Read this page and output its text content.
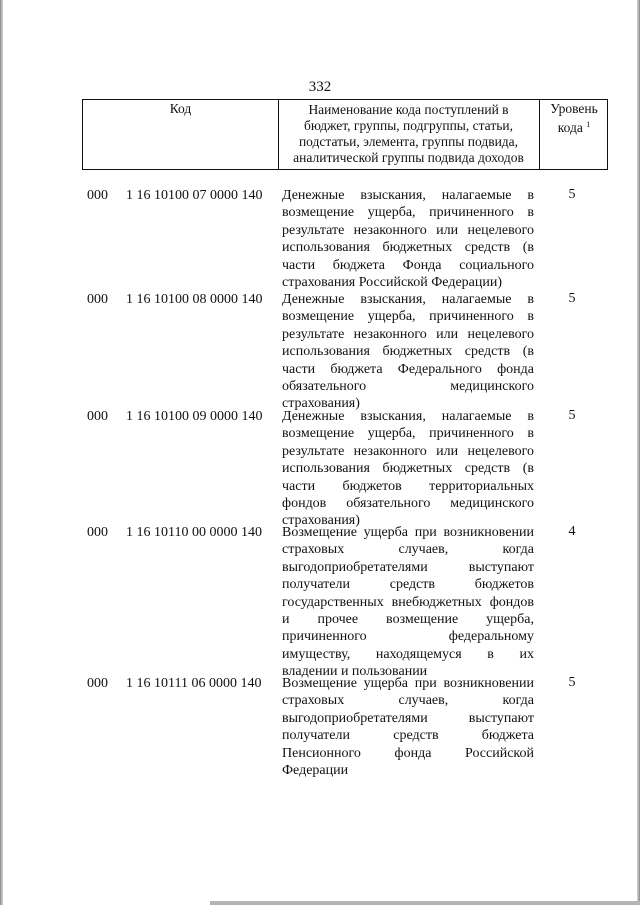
332
Код	Наименование кода поступлений в
бюджет, группы, подгруппы, статьи,
подстатьи, элемента, группы подвида,
аналитической группы подвида доходов
Уровень
кода $^1$
000 1 16 10100 07 0000 140 Денежные взыскания, налагаемые в
возмещение ущерба, причиненного в
результате незаконного или нецелевого
использования бюджетных средств (в
части бюджета Фонда социального
страхования Российской Федерации)
5
000 1 16 10100 08 0000 140 Денежные взыскания, налагаемые в
возмещение ущерба, причиненного в
результате незаконного или нецелевого
использования бюджетных средств (в
части бюджета Федерального фонда
обязательного медицинского
страхования)
5
000 1 16 10100 09 0000 140 Денежные взыскания, налагаемые в
возмещение ущерба, причиненного в
результате незаконного или нецелевого
использования бюджетных средств (в
части бюджетов территориальных
фондов обязательного медицинского
страхования)
5
000 1 16 10110 00 0000 140 Возмещение ущерба при возникновении
страховых случаев, когда
выгодоприобретателями выступают
получатели средств бюджетов
государственных внебюджетных фондов
и прочее возмещение ущерба,
причиненного федеральному
имуществу, находящемуся в их
владении и пользовании
4
000 1 16 10111 06 0000 140 Возмещение ущерба при возникновении
страховых случаев, когда
выгодоприобретателями выступают
получатели средств бюджета
Пенсионного фонда Российской
Федерации
5
